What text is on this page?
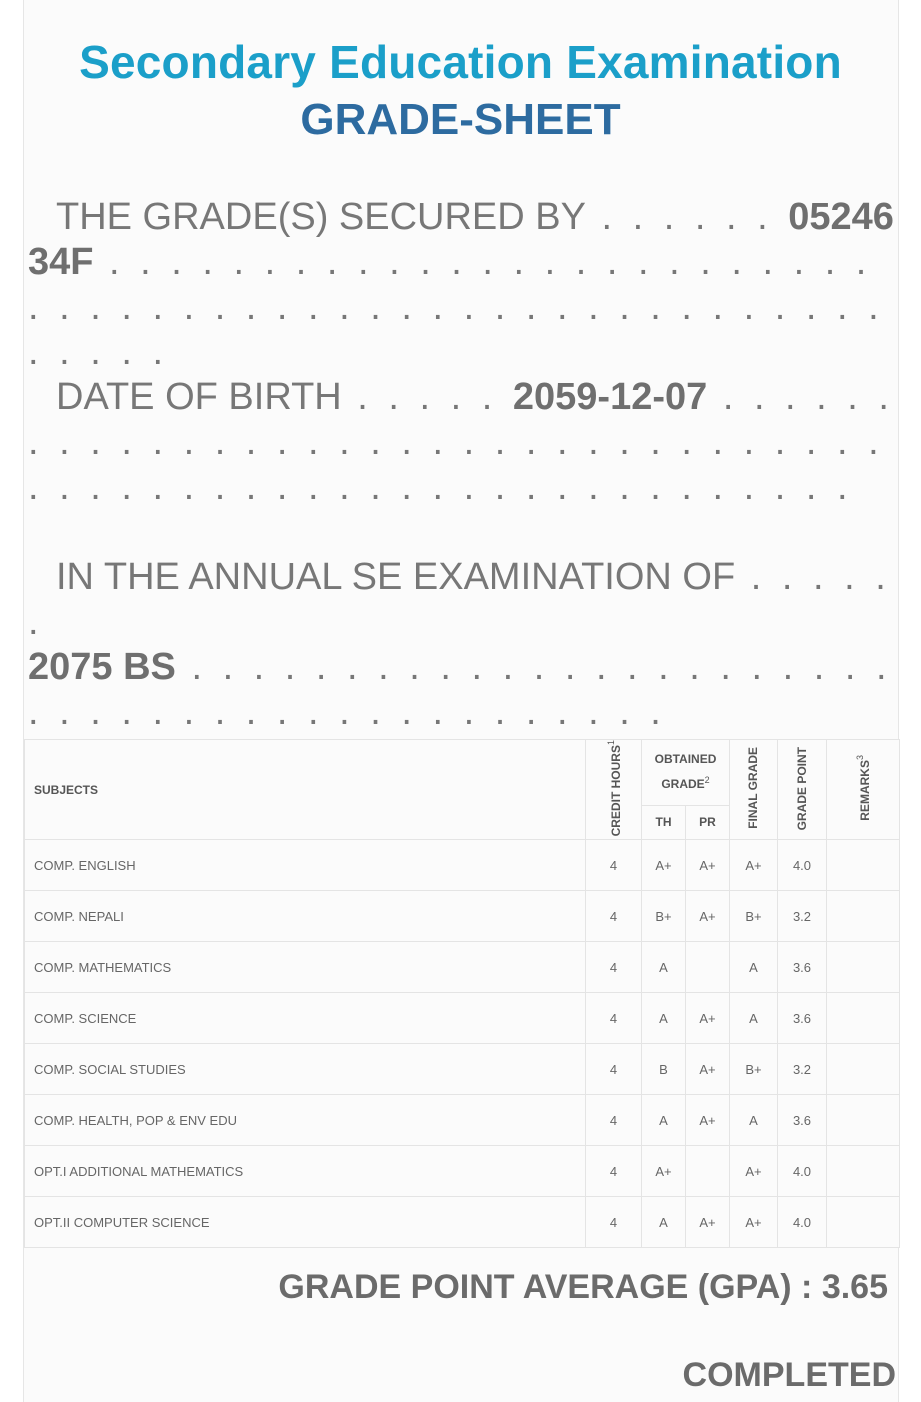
Secondary Education Examination
GRADE-SHEET
THE GRADE(S) SECURED BY . . . . . . 0524634F . . . . . . . . . . . . . . . . . . . . . . . . . . . . . . . . . . . . . . . . . . . . . . . . . . . . . . . . . .
DATE OF BIRTH . . . . . 2059-12-07 . . . . . . . . . . . . . . . . . . . . . . . . . . . . . . . . . . . . . . . . . . . . . . . . . . . . . . . . . . . . .
IN THE ANNUAL SE EXAMINATION OF . . . . . .
2075 BS . . . . . . . . . . . . . . . . . . . . . . . . . . . . . . . . . . . . . . . . . . . .

SUBJECTS	CREDIT HOURS$^1$	OBTAINED GRADE$^2$		FINAL GRADE	GRADE POINT	REMARKS$^3$
		TH	PR			
COMP. ENGLISH	4	A+	A+	A+	4.0	
COMP. NEPALI	4	B+	A+	B+	3.2	
COMP. MATHEMATICS	4	A		A	3.6	
COMP. SCIENCE	4	A	A+	A	3.6	
COMP. SOCIAL STUDIES	4	B	A+	B+	3.2	
COMP. HEALTH, POP & ENV EDU	4	A	A+	A	3.6	
OPT.I ADDITIONAL MATHEMATICS	4	A+		A+	4.0	
OPT.II COMPUTER SCIENCE	4	A	A+	A+	4.0	
GRADE POINT AVERAGE (GPA) : 3.65
COMPLETED
